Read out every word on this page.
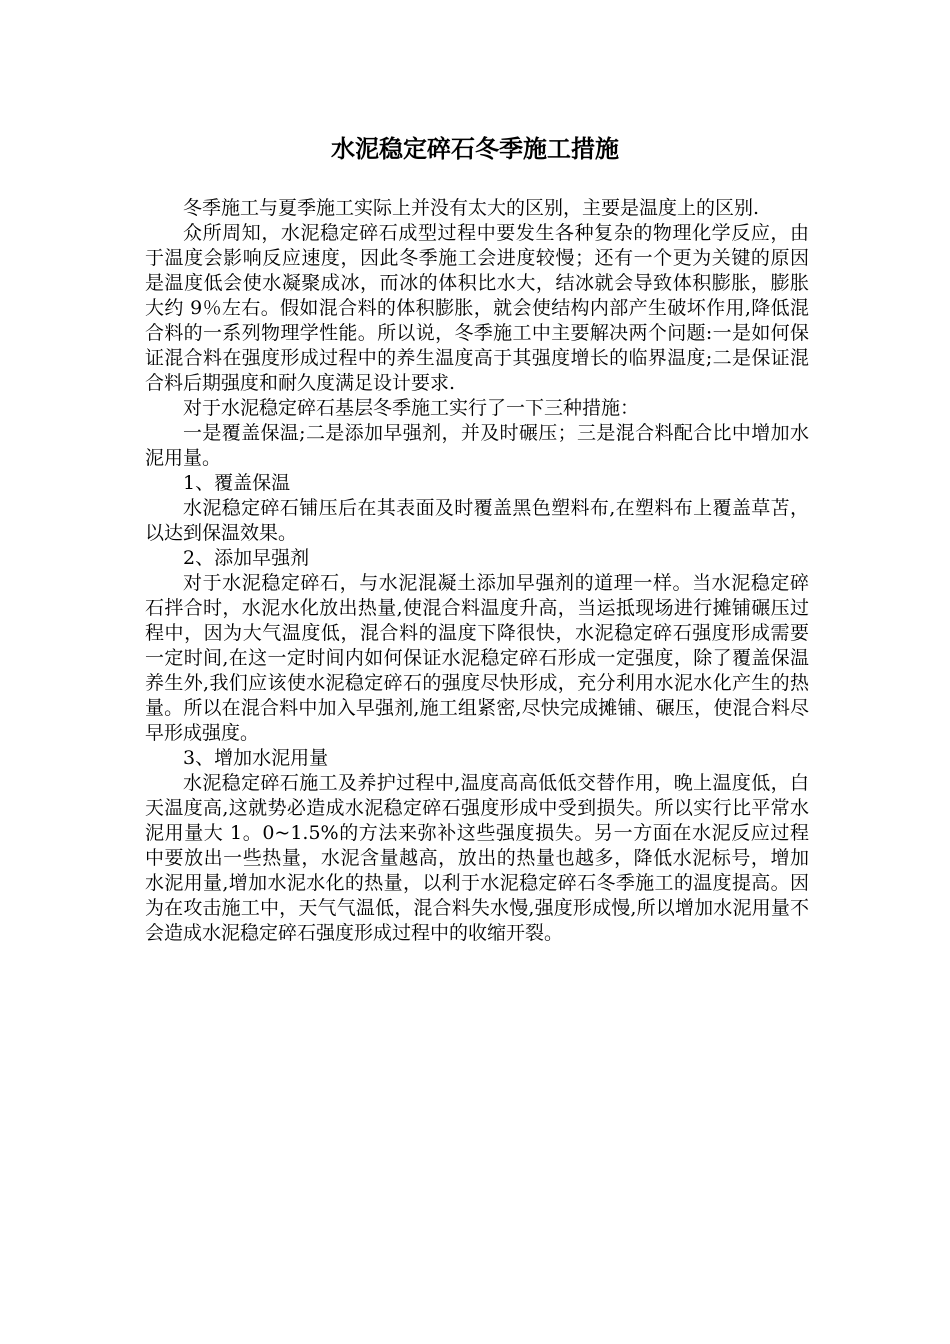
水泥稳定碎石冬季施工措施

冬季施工与夏季施工实际上并没有太大的区别，主要是温度上的区别.

众所周知，水泥稳定碎石成型过程中要发生各种复杂的物理化学反应，由于温度会影响反应速度，因此冬季施工会进度较慢；还有一个更为关键的原因是温度低会使水凝聚成冰，而冰的体积比水大，结冰就会导致体积膨胀，膨胀大约 9％左右。假如混合料的体积膨胀，就会使结构内部产生破坏作用,降低混合料的一系列物理学性能。所以说，冬季施工中主要解决两个问题:一是如何保证混合料在强度形成过程中的养生温度高于其强度增长的临界温度;二是保证混合料后期强度和耐久度满足设计要求.

对于水泥稳定碎石基层冬季施工实行了一下三种措施：

一是覆盖保温;二是添加早强剂，并及时碾压；三是混合料配合比中增加水泥用量。

1、覆盖保温

水泥稳定碎石铺压后在其表面及时覆盖黑色塑料布,在塑料布上覆盖草苫，以达到保温效果。

2、添加早强剂

对于水泥稳定碎石，与水泥混凝土添加早强剂的道理一样。当水泥稳定碎石拌合时，水泥水化放出热量,使混合料温度升高，当运抵现场进行摊铺碾压过程中，因为大气温度低，混合料的温度下降很快，水泥稳定碎石强度形成需要一定时间,在这一定时间内如何保证水泥稳定碎石形成一定强度，除了覆盖保温养生外,我们应该使水泥稳定碎石的强度尽快形成，充分利用水泥水化产生的热量。所以在混合料中加入早强剂,施工组紧密,尽快完成摊铺、碾压，使混合料尽早形成强度。

3、增加水泥用量

水泥稳定碎石施工及养护过程中,温度高高低低交替作用，晚上温度低，白天温度高,这就势必造成水泥稳定碎石强度形成中受到损失。所以实行比平常水泥用量大 1。0~1.5%的方法来弥补这些强度损失。另一方面在水泥反应过程中要放出一些热量，水泥含量越高，放出的热量也越多，降低水泥标号，增加水泥用量,增加水泥水化的热量，以利于水泥稳定碎石冬季施工的温度提高。因为在攻击施工中，天气气温低，混合料失水慢,强度形成慢,所以增加水泥用量不会造成水泥稳定碎石强度形成过程中的收缩开裂。
